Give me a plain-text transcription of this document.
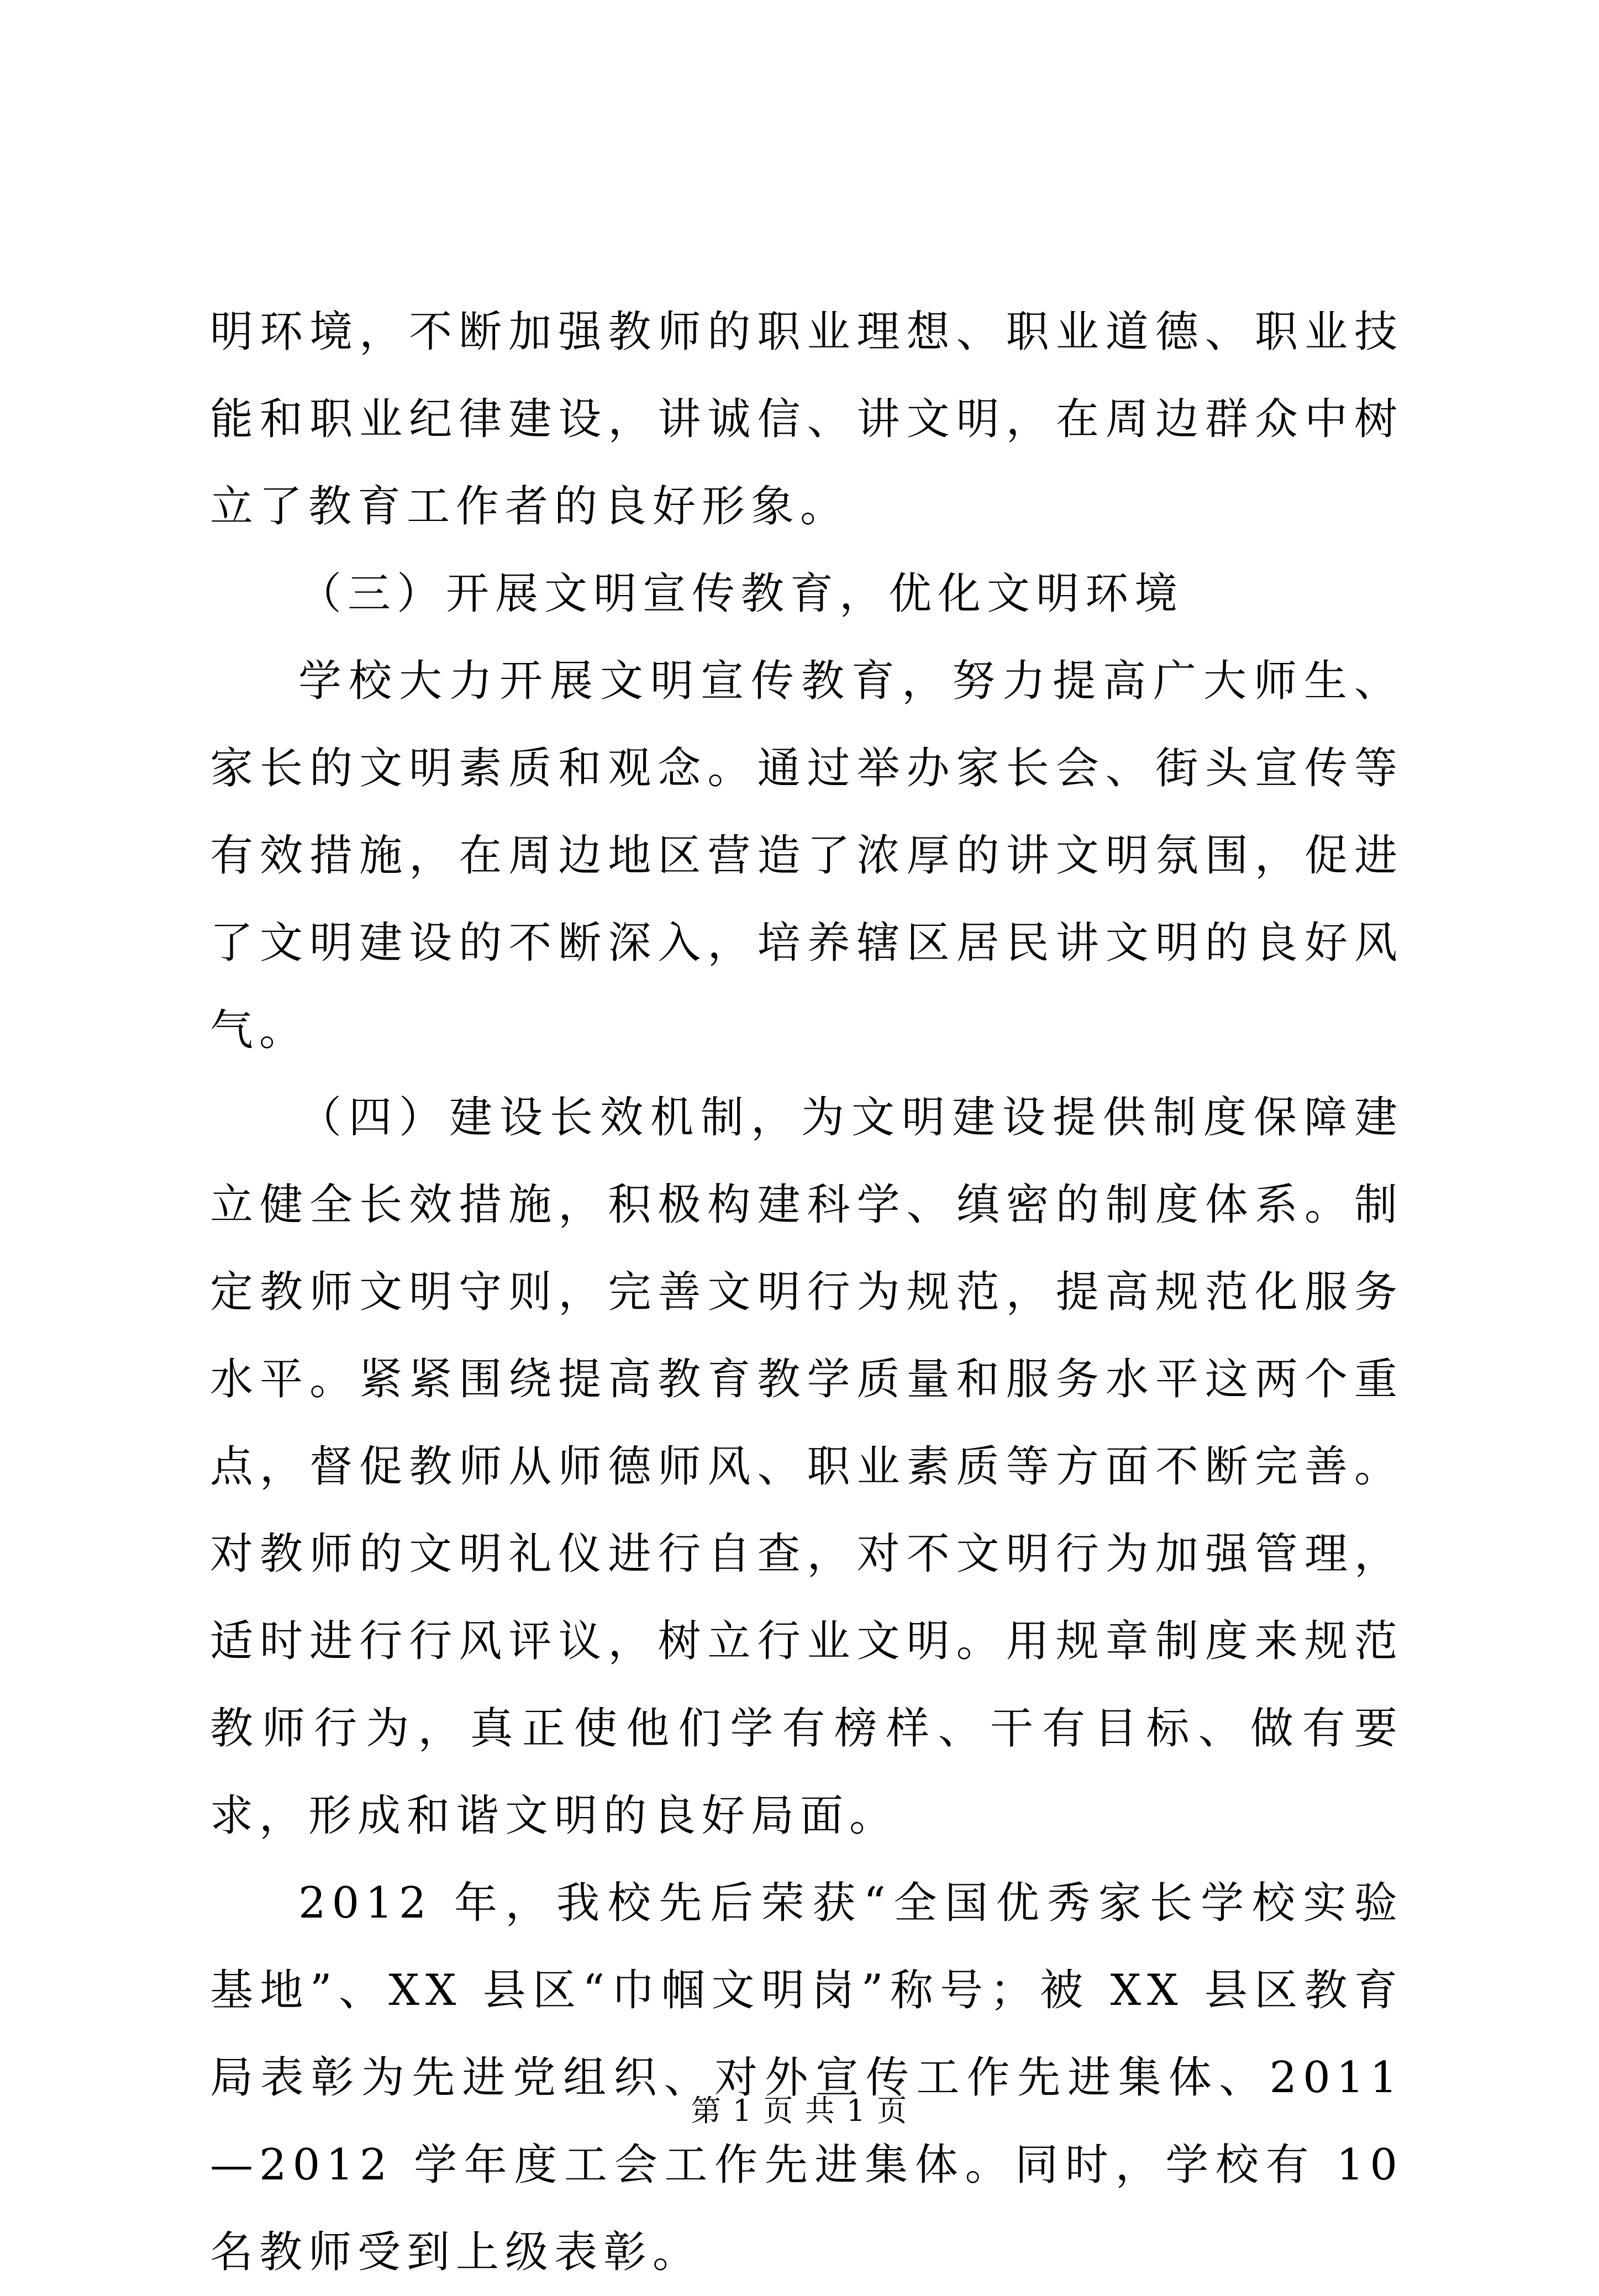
明环境，不断加强教师的职业理想、职业道德、职业技能和职业纪律建设，讲诚信、讲文明，在周边群众中树立了教育工作者的良好形象。

（三）开展文明宣传教育，优化文明环境

学校大力开展文明宣传教育，努力提高广大师生、家长的文明素质和观念。通过举办家长会、街头宣传等有效措施，在周边地区营造了浓厚的讲文明氛围，促进了文明建设的不断深入，培养辖区居民讲文明的良好风气。

（四）建设长效机制，为文明建设提供制度保障建立健全长效措施，积极构建科学、缜密的制度体系。制定教师文明守则，完善文明行为规范，提高规范化服务水平。紧紧围绕提高教育教学质量和服务水平这两个重点，督促教师从师德师风、职业素质等方面不断完善。对教师的文明礼仪进行自查，对不文明行为加强管理，适时进行行风评议，树立行业文明。用规章制度来规范教师行为，真正使他们学有榜样、干有目标、做有要求，形成和谐文明的良好局面。

2012 年，我校先后荣获“全国优秀家长学校实验基地”、XX 县区“巾帼文明岗”称号；被 XX 县区教育局表彰为先进党组织、对外宣传工作先进集体、2011—2012 学年度工会工作先进集体。同时，学校有 10 名教师受到上级表彰。

第 1 页 共 1 页
